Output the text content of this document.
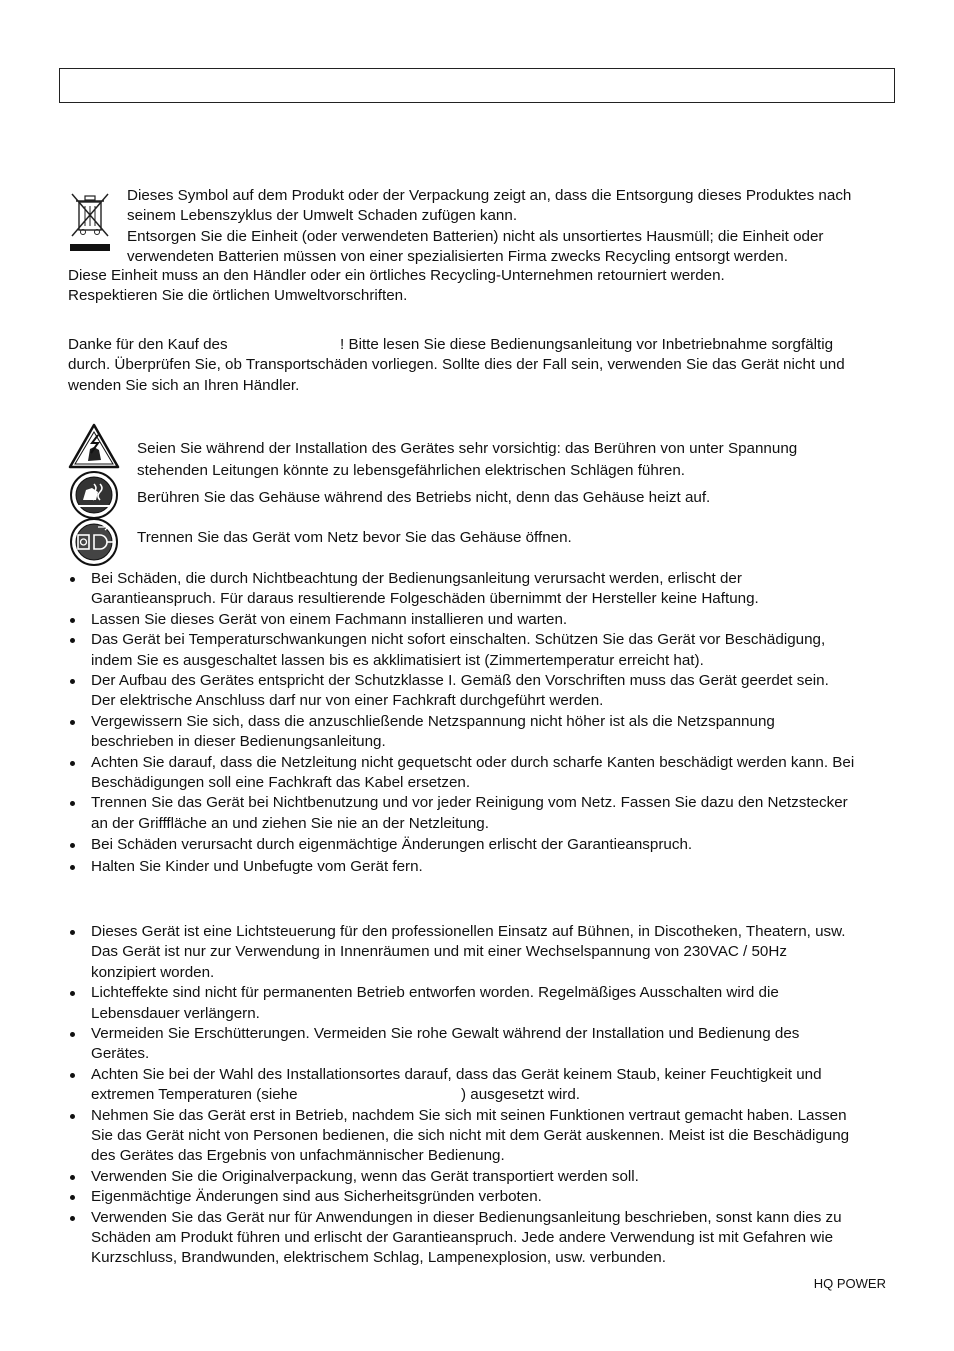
Dieses Symbol auf dem Produkt oder der Verpackung zeigt an, dass die Entsorgung dieses Produktes nach
seinem Lebenszyklus der Umwelt Schaden zufügen kann.
Entsorgen Sie die Einheit (oder verwendeten Batterien) nicht als unsortiertes Hausmüll; die Einheit oder
verwendeten Batterien müssen von einer spezialisierten Firma zwecks Recycling entsorgt werden.
Diese Einheit muss an den Händler oder ein örtliches Recycling-Unternehmen retourniert werden.
Respektieren Sie die örtlichen Umweltvorschriften.
Danke für den Kauf des	! Bitte lesen Sie diese Bedienungsanleitung vor Inbetriebnahme sorgfältig
durch. Überprüfen Sie, ob Transportschäden vorliegen. Sollte dies der Fall sein, verwenden Sie das Gerät nicht und
wenden Sie sich an Ihren Händler.
Seien Sie während der Installation des Gerätes sehr vorsichtig: das Berühren von unter Spannung
stehenden Leitungen könnte zu lebensgefährlichen elektrischen Schlägen führen.
Berühren Sie das Gehäuse während des Betriebs nicht, denn das Gehäuse heizt auf.
Trennen Sie das Gerät vom Netz bevor Sie das Gehäuse öffnen.
Bei Schäden, die durch Nichtbeachtung der Bedienungsanleitung verursacht werden, erlischt der
Garantieanspruch. Für daraus resultierende Folgeschäden übernimmt der Hersteller keine Haftung.
Lassen Sie dieses Gerät von einem Fachmann installieren und warten.
Das Gerät bei Temperaturschwankungen nicht sofort einschalten. Schützen Sie das Gerät vor Beschädigung,
indem Sie es ausgeschaltet lassen bis es akklimatisiert ist (Zimmertemperatur erreicht hat).
Der Aufbau des Gerätes entspricht der Schutzklasse I. Gemäß den Vorschriften muss das Gerät geerdet sein.
Der elektrische Anschluss darf nur von einer Fachkraft durchgeführt werden.
Vergewissern Sie sich, dass die anzuschließende Netzspannung nicht höher ist als die Netzspannung
beschrieben in dieser Bedienungsanleitung.
Achten Sie darauf, dass die Netzleitung nicht gequetscht oder durch scharfe Kanten beschädigt werden kann. Bei
Beschädigungen soll eine Fachkraft das Kabel ersetzen.
Trennen Sie das Gerät bei Nichtbenutzung und vor jeder Reinigung vom Netz. Fassen Sie dazu den Netzstecker
an der Grifffläche an und ziehen Sie nie an der Netzleitung.
Bei Schäden verursacht durch eigenmächtige Änderungen erlischt der Garantieanspruch.
Halten Sie Kinder und Unbefugte vom Gerät fern.
Dieses Gerät ist eine Lichtsteuerung für den professionellen Einsatz auf Bühnen, in Discotheken, Theatern, usw.
Das Gerät ist nur zur Verwendung in Innenräumen und mit einer Wechselspannung von 230VAC / 50Hz
konzipiert worden.
Lichteffekte sind nicht für permanenten Betrieb entworfen worden. Regelmäßiges Ausschalten wird die
Lebensdauer verlängern.
Vermeiden Sie Erschütterungen. Vermeiden Sie rohe Gewalt während der Installation und Bedienung des
Gerätes.
Achten Sie bei der Wahl des Installationsortes darauf, dass das Gerät keinem Staub, keiner Feuchtigkeit und
extremen Temperaturen (siehe	) ausgesetzt wird.
Nehmen Sie das Gerät erst in Betrieb, nachdem Sie sich mit seinen Funktionen vertraut gemacht haben. Lassen
Sie das Gerät nicht von Personen bedienen, die sich nicht mit dem Gerät auskennen. Meist ist die Beschädigung
des Gerätes das Ergebnis von unfachmännischer Bedienung.
Verwenden Sie die Originalverpackung, wenn das Gerät transportiert werden soll.
Eigenmächtige Änderungen sind aus Sicherheitsgründen verboten.
Verwenden Sie das Gerät nur für Anwendungen in dieser Bedienungsanleitung beschrieben, sonst kann dies zu
Schäden am Produkt führen und erlischt der Garantieanspruch. Jede andere Verwendung ist mit Gefahren wie
Kurzschluss, Brandwunden, elektrischem Schlag, Lampenexplosion, usw. verbunden.
HQ POWER
